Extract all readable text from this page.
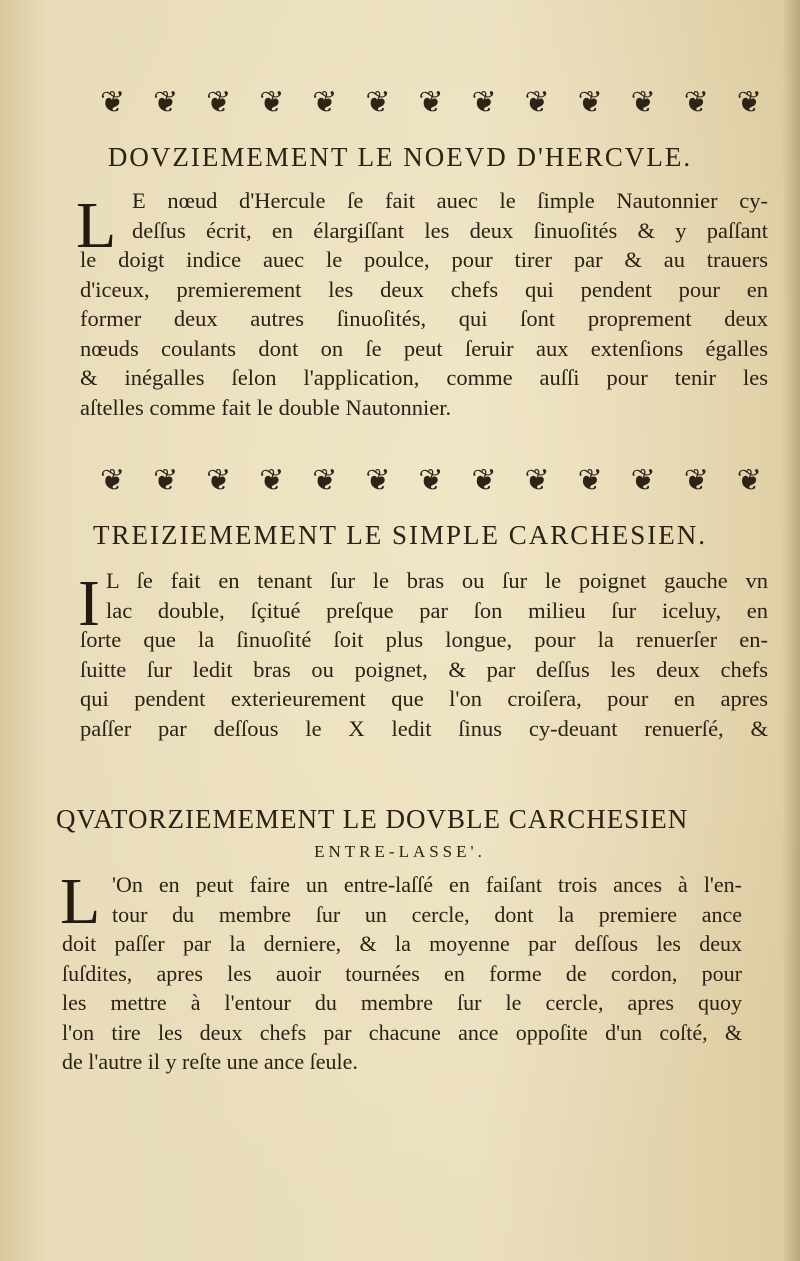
❦ ❦ ❦ ❦ ❦ ❦ ❦ ❦ ❦ ❦ ❦ ❦ ❦
DOVZIEMEMENT LE NOEVD D'HERCVLE.
L E nœud d'Hercule ſe fait auec le ſimple Nautonnier cy-
deſſus écrit, en élargiſſant les deux ſinuoſités & y paſſant
le doigt indice auec le poulce, pour tirer par & au trauers
d'iceux, premierement les deux chefs qui pendent pour en
former deux autres ſinuoſités, qui ſont proprement deux
nœuds coulants dont on ſe peut ſeruir aux extenſions égalles
& inégalles ſelon l'application, comme auſſi pour tenir les
aſtelles comme fait le double Nautonnier.
❦ ❦ ❦ ❦ ❦ ❦ ❦ ❦ ❦ ❦ ❦ ❦ ❦
TREIZIEMEMENT LE SIMPLE CARCHESIEN.
I L ſe fait en tenant ſur le bras ou ſur le poignet gauche vn
lac double, ſçitué preſque par ſon milieu ſur iceluy, en
ſorte que la ſinuoſité ſoit plus longue, pour la renuerſer en-
ſuitte ſur ledit bras ou poignet, & par deſſus les deux chefs
qui pendent exterieurement que l'on croiſera, pour en apres
paſſer par deſſous le X ledit ſinus cy-deuant renuerſé, &
QVATORZIEMEMENT LE DOVBLE CARCHESIEN
ENTRE-LASSE'.
L 'On en peut faire un entre-laſſé en faiſant trois ances à l'en-
tour du membre ſur un cercle, dont la premiere ance
doit paſſer par la derniere, & la moyenne par deſſous les deux
ſuſdites, apres les auoir tournées en forme de cordon, pour
les mettre à l'entour du membre ſur le cercle, apres quoy
l'on tire les deux chefs par chacune ance oppoſite d'un coſté, &
de l'autre il y reſte une ance ſeule.
